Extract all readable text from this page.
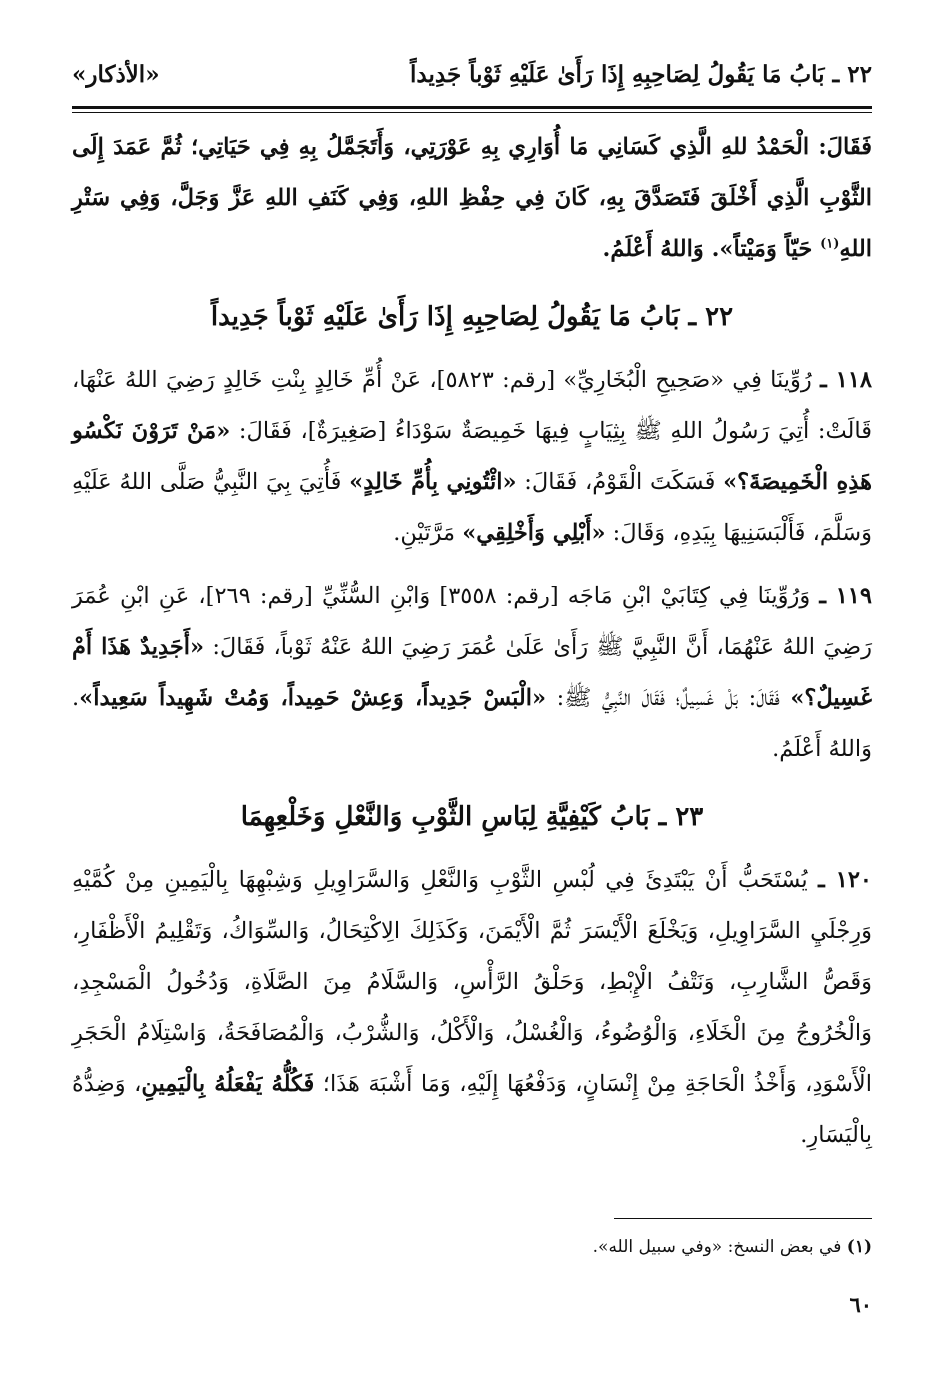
٢٢ ـ بَابُ مَا يَقُولُ لِصَاحِبِهِ إِذَا رَأَىٰ عَلَيْهِ ثَوْباً جَدِيداً
«الأذكار»

فَقَالَ: الْحَمْدُ للهِ الَّذِي كَسَانِي مَا أُوَارِي بِهِ عَوْرَتِي، وَأَتَجَمَّلُ بِهِ فِي حَيَاتِي؛ ثُمَّ عَمَدَ إِلَى الثَّوْبِ الَّذِي أَخْلَقَ فَتَصَدَّقَ بِهِ، كَانَ فِي حِفْظِ اللهِ، وَفِي كَنَفِ اللهِ عَزَّ وَجَلَّ، وَفِي سَتْرِ اللهِ$^{(١)}$ حَيّاً وَمَيْتاً». وَاللهُ أَعْلَمُ.

٢٢ ـ بَابُ مَا يَقُولُ لِصَاحِبِهِ إِذَا رَأَىٰ عَلَيْهِ ثَوْباً جَدِيداً

١١٨ ـ رُوِّينَا فِي «صَحِيحِ الْبُخَارِيِّ» [رقم: ٥٨٢٣]، عَنْ أُمِّ خَالِدٍ بِنْتِ خَالِدٍ رَضِيَ اللهُ عَنْهَا، قَالَتْ: أُتِيَ رَسُولُ اللهِ ﷺ بِثِيَابٍ فِيهَا خَمِيصَةٌ سَوْدَاءُ [صَغِيرَةٌ]، فَقَالَ: «مَنْ تَرَوْنَ نَكْسُو هَذِهِ الْخَمِيصَةَ؟» فَسَكَتَ الْقَوْمُ، فَقَالَ: «ائْتُونِي بِأُمِّ خَالِدٍ» فَأُتِيَ بِيَ النَّبِيُّ صَلَّى اللهُ عَلَيْهِ وَسَلَّمَ، فَأَلْبَسَنِيهَا بِيَدِهِ، وَقَالَ: «أَبْلِي وَأَخْلِقِي» مَرَّتَيْنِ.

١١٩ ـ وَرُوِّينَا فِي كِتَابَيْ ابْنِ مَاجَه [رقم: ٣٥٥٨] وَابْنِ السُّنِّيِّ [رقم: ٢٦٩]، عَنِ ابْنِ عُمَرَ رَضِيَ اللهُ عَنْهُمَا، أَنَّ النَّبِيَّ ﷺ رَأَىٰ عَلَىٰ عُمَرَ رَضِيَ اللهُ عَنْهُ ثَوْباً، فَقَالَ: «أَجَدِيدٌ هَذَا أَمْ غَسِيلٌ؟» فَقَالَ: بَلْ غَسِيلٌ؛ فَقَالَ النَّبِيُّ ﷺ: «الْبَسْ جَدِيداً، وَعِشْ حَمِيداً، وَمُتْ شَهِيداً سَعِيداً». وَاللهُ أَعْلَمُ.

٢٣ ـ بَابُ كَيْفِيَّةِ لِبَاسِ الثَّوْبِ وَالنَّعْلِ وَخَلْعِهِمَا

١٢٠ ـ يُسْتَحَبُّ أَنْ يَبْتَدِئَ فِي لُبْسِ الثَّوْبِ وَالنَّعْلِ وَالسَّرَاوِيلِ وَشِبْهِهَا بِالْيَمِينِ مِنْ كُمَّيْهِ وَرِجْلَيِ السَّرَاوِيلِ، وَيَخْلَعَ الْأَيْسَرَ ثُمَّ الْأَيْمَنَ، وَكَذَلِكَ الِاكْتِحَالُ، وَالسِّوَاكُ، وَتَقْلِيمُ الْأَظْفَارِ، وَقَصُّ الشَّارِبِ، وَنَتْفُ الْإِبْطِ، وَحَلْقُ الرَّأْسِ، وَالسَّلَامُ مِنَ الصَّلَاةِ، وَدُخُولُ الْمَسْجِدِ، وَالْخُرُوجُ مِنَ الْخَلَاءِ، وَالْوُضُوءُ، وَالْغُسْلُ، وَالْأَكْلُ، وَالشُّرْبُ، وَالْمُصَافَحَةُ، وَاسْتِلَامُ الْحَجَرِ الْأَسْوَدِ، وَأَخْذُ الْحَاجَةِ مِنْ إِنْسَانٍ، وَدَفْعُهَا إِلَيْهِ، وَمَا أَشْبَهَ هَذَا؛ فَكُلُّهُ يَفْعَلُهُ بِالْيَمِينِ، وَضِدُّهُ بِالْيَسَارِ.

(١) في بعض النسخ: «وفي سبيل الله».
٦٠
